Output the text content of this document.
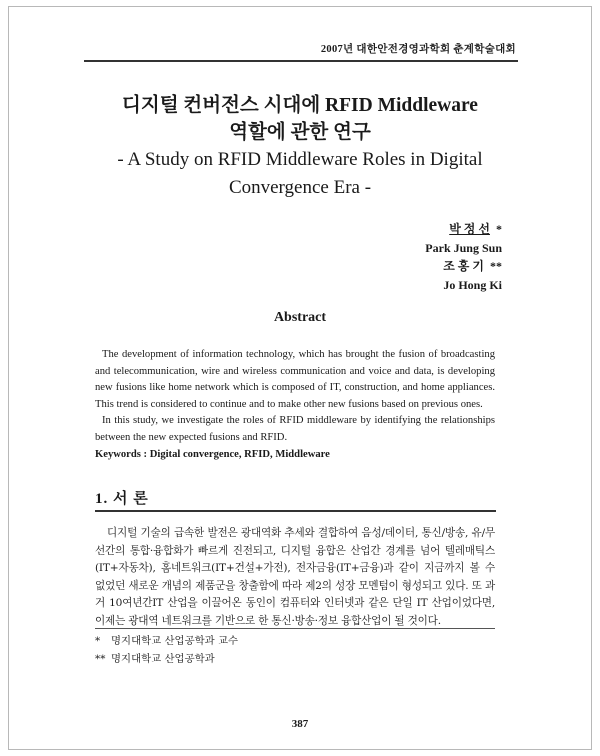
2007년 대한안전경영과학회 춘계학술대회
디지털 컨버전스 시대에 RFID Middleware
역할에 관한 연구
- A Study on RFID Middleware Roles in Digital
Convergence Era -
박 정 선 *
Park Jung Sun
조 홍 기 **
Jo Hong Ki
Abstract

The development of information technology, which has brought the fusion of broadcasting and telecommunication, wire and wireless communication and voice and data, is developing new fusions like home network which is composed of IT, construction, and home appliances. This trend is considered to continue and to make other new fusions based on previous ones.

In this study, we investigate the roles of RFID middleware by identifying the relationships between the new expected fusions and RFID.

Keywords : Digital convergence, RFID, Middleware
1. 서 론

디지털 기술의 급속한 발전은 광대역화 추세와 결합하여 음성/데이터, 통신/방송, 유/무선간의 통합·융합화가 빠르게 진전되고, 디지털 융합은 산업간 경계를 넘어 텔레매틱스(IT+자동차), 홈네트워크(IT+건설+가전), 전자금융(IT+금융)과 같이 지금까지 볼 수 없었던 새로운 개념의 제품군을 창출함에 따라 제2의 성장 모멘텀이 형성되고 있다. 또 과거 10여년간IT 산업을 이끌어온 동인이 컴퓨터와 인터넷과 같은 단일 IT 산업이었다면, 이제는 광대역 네트워크를 기반으로 한 통신·방송·정보 융합산업이 될 것이다.

* 명지대학교 산업공학과 교수
** 명지대학교 산업공학과
387
